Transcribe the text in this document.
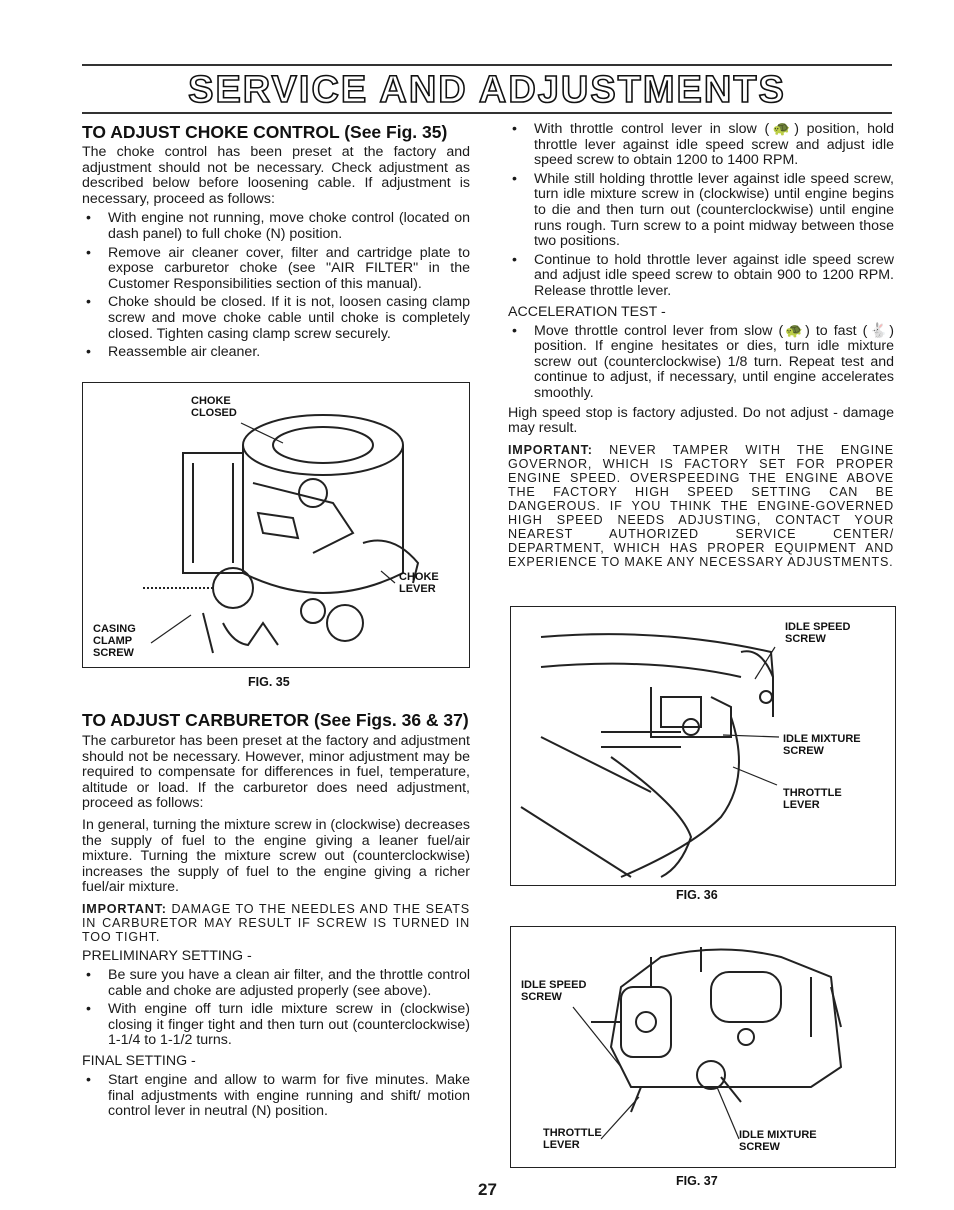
SERVICE AND ADJUSTMENTS
TO ADJUST CHOKE CONTROL (See Fig. 35)

The choke control has been preset at the factory and adjustment should not be necessary. Check adjustment as described below before loosening cable. If adjustment is necessary, proceed as follows:

• With engine not running, move choke control (located on dash panel) to full choke (N) position.
• Remove air cleaner cover, filter and cartridge plate to expose carburetor choke (see "AIR FILTER" in the Customer Responsibilities section of this manual).
• Choke should be closed. If it is not, loosen casing clamp screw and move choke cable until choke is completely closed. Tighten casing clamp screw securely.
• Reassemble air cleaner.
CHOKE
CLOSED
CHOKE
LEVER
CASING
CLAMP
SCREW
FIG. 35
TO ADJUST CARBURETOR (See Figs. 36 & 37)

The carburetor has been preset at the factory and adjustment should not be necessary. However, minor adjustment may be required to compensate for differences in fuel, temperature, altitude or load. If the carburetor does need adjustment, proceed as follows:

In general, turning the mixture screw in (clockwise) decreases the supply of fuel to the engine giving a leaner fuel/air mixture. Turning the mixture screw out (counterclockwise) increases the supply of fuel to the engine giving a richer fuel/air mixture.

IMPORTANT: DAMAGE TO THE NEEDLES AND THE SEATS IN CARBURETOR MAY RESULT IF SCREW IS TURNED IN TOO TIGHT.

PRELIMINARY SETTING -
• Be sure you have a clean air filter, and the throttle control cable and choke are adjusted properly (see above).
• With engine off turn idle mixture screw in (clockwise) closing it finger tight and then turn out (counterclockwise) 1-1/4 to 1-1/2 turns.
FINAL SETTING -
• Start engine and allow to warm for five minutes. Make final adjustments with engine running and shift/ motion control lever in neutral (N) position.
• With throttle control lever in slow (🐢) position, hold throttle lever against idle speed screw and adjust idle speed screw to obtain 1200 to 1400 RPM.
• While still holding throttle lever against idle speed screw, turn idle mixture screw in (clockwise) until engine begins to die and then turn out (counterclockwise) until engine runs rough. Turn screw to a point midway between those two positions.
• Continue to hold throttle lever against idle speed screw and adjust idle speed screw to obtain 900 to 1200 RPM. Release throttle lever.
ACCELERATION TEST -
• Move throttle control lever from slow (🐢) to fast (🐇) position. If engine hesitates or dies, turn idle mixture screw out (counterclockwise) 1/8 turn. Repeat test and continue to adjust, if necessary, until engine accelerates smoothly.

High speed stop is factory adjusted. Do not adjust - damage may result.

IMPORTANT: NEVER TAMPER WITH THE ENGINE GOVERNOR, WHICH IS FACTORY SET FOR PROPER ENGINE SPEED. OVERSPEEDING THE ENGINE ABOVE THE FACTORY HIGH SPEED SETTING CAN BE DANGEROUS. IF YOU THINK THE ENGINE-GOVERNED HIGH SPEED NEEDS ADJUSTING, CONTACT YOUR NEAREST AUTHORIZED SERVICE CENTER/ DEPARTMENT, WHICH HAS PROPER EQUIPMENT AND EXPERIENCE TO MAKE ANY NECESSARY ADJUSTMENTS.

IDLE SPEED
SCREW
IDLE MIXTURE
SCREW
THROTTLE
LEVER
FIG. 36
IDLE SPEED
SCREW
THROTTLE
LEVER
IDLE MIXTURE
SCREW
FIG. 37
27
